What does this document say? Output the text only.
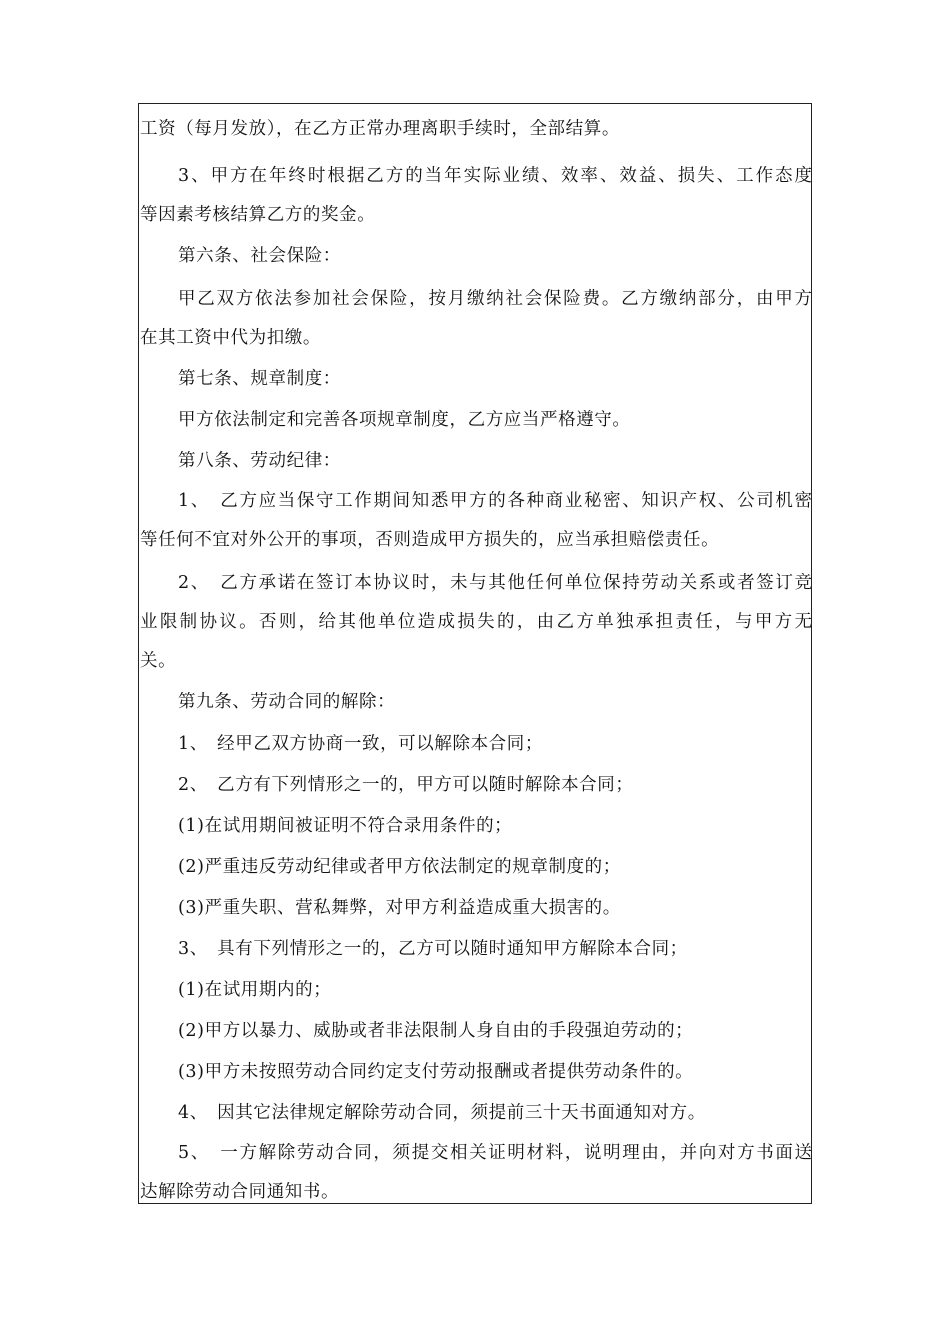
工资（每月发放），在乙方正常办理离职手续时，全部结算。
3、甲方在年终时根据乙方的当年实际业绩、效率、效益、损失、工作态度
等因素考核结算乙方的奖金。
第六条、社会保险：
甲乙双方依法参加社会保险，按月缴纳社会保险费。乙方缴纳部分，由甲方
在其工资中代为扣缴。
第七条、规章制度：
甲方依法制定和完善各项规章制度，乙方应当严格遵守。
第八条、劳动纪律：
1、　乙方应当保守工作期间知悉甲方的各种商业秘密、知识产权、公司机密
等任何不宜对外公开的事项，否则造成甲方损失的，应当承担赔偿责任。
2、　乙方承诺在签订本协议时，未与其他任何单位保持劳动关系或者签订竞
业限制协议。否则，给其他单位造成损失的，由乙方单独承担责任，与甲方无
关。
第九条、劳动合同的解除：
1、　经甲乙双方协商一致，可以解除本合同；
2、　乙方有下列情形之一的，甲方可以随时解除本合同；
(1)在试用期间被证明不符合录用条件的；
(2)严重违反劳动纪律或者甲方依法制定的规章制度的；
(3)严重失职、营私舞弊，对甲方利益造成重大损害的。
3、　具有下列情形之一的，乙方可以随时通知甲方解除本合同；
(1)在试用期内的；
(2)甲方以暴力、威胁或者非法限制人身自由的手段强迫劳动的；
(3)甲方未按照劳动合同约定支付劳动报酬或者提供劳动条件的。
4、　因其它法律规定解除劳动合同，须提前三十天书面通知对方。
5、　一方解除劳动合同，须提交相关证明材料，说明理由，并向对方书面送
达解除劳动合同通知书。
